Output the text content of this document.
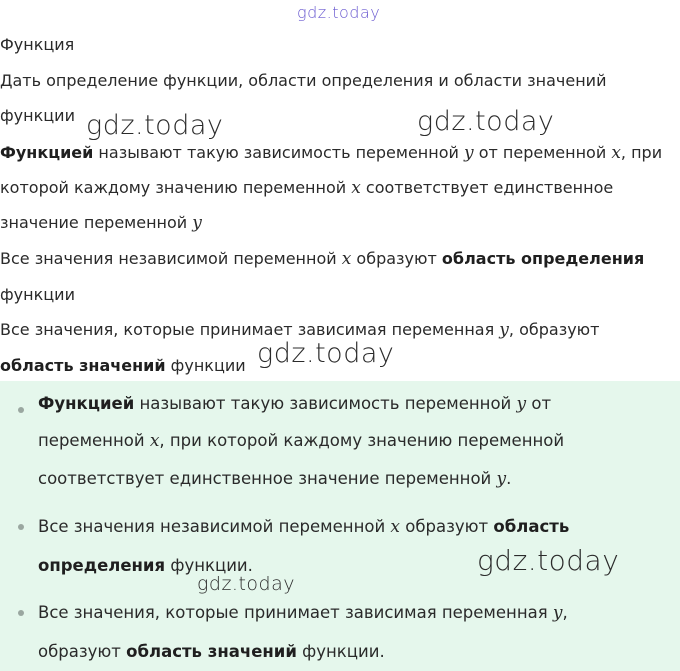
gdz.today
gdz.today	gdz.today
gdz.today
Функция
Дать определение функции, области определения и области значений
функции
Функцией называют такую зависимость переменной y от переменной x, при
которой каждому значению переменной x соответствует единственное
значение переменной y
Все значения независимой переменной x образуют область определения
функции
Все значения, которые принимает зависимая переменная y, образуют
область значений функции
Функцией называют такую зависимость переменной y от
переменной x, при которой каждому значению переменной
соответствует единственное значение переменной y.
Все значения независимой переменной x образуют область
определения функции.
Все значения, которые принимает зависимая переменная y,
образуют область значений функции.
gdz.today
gdz.today
